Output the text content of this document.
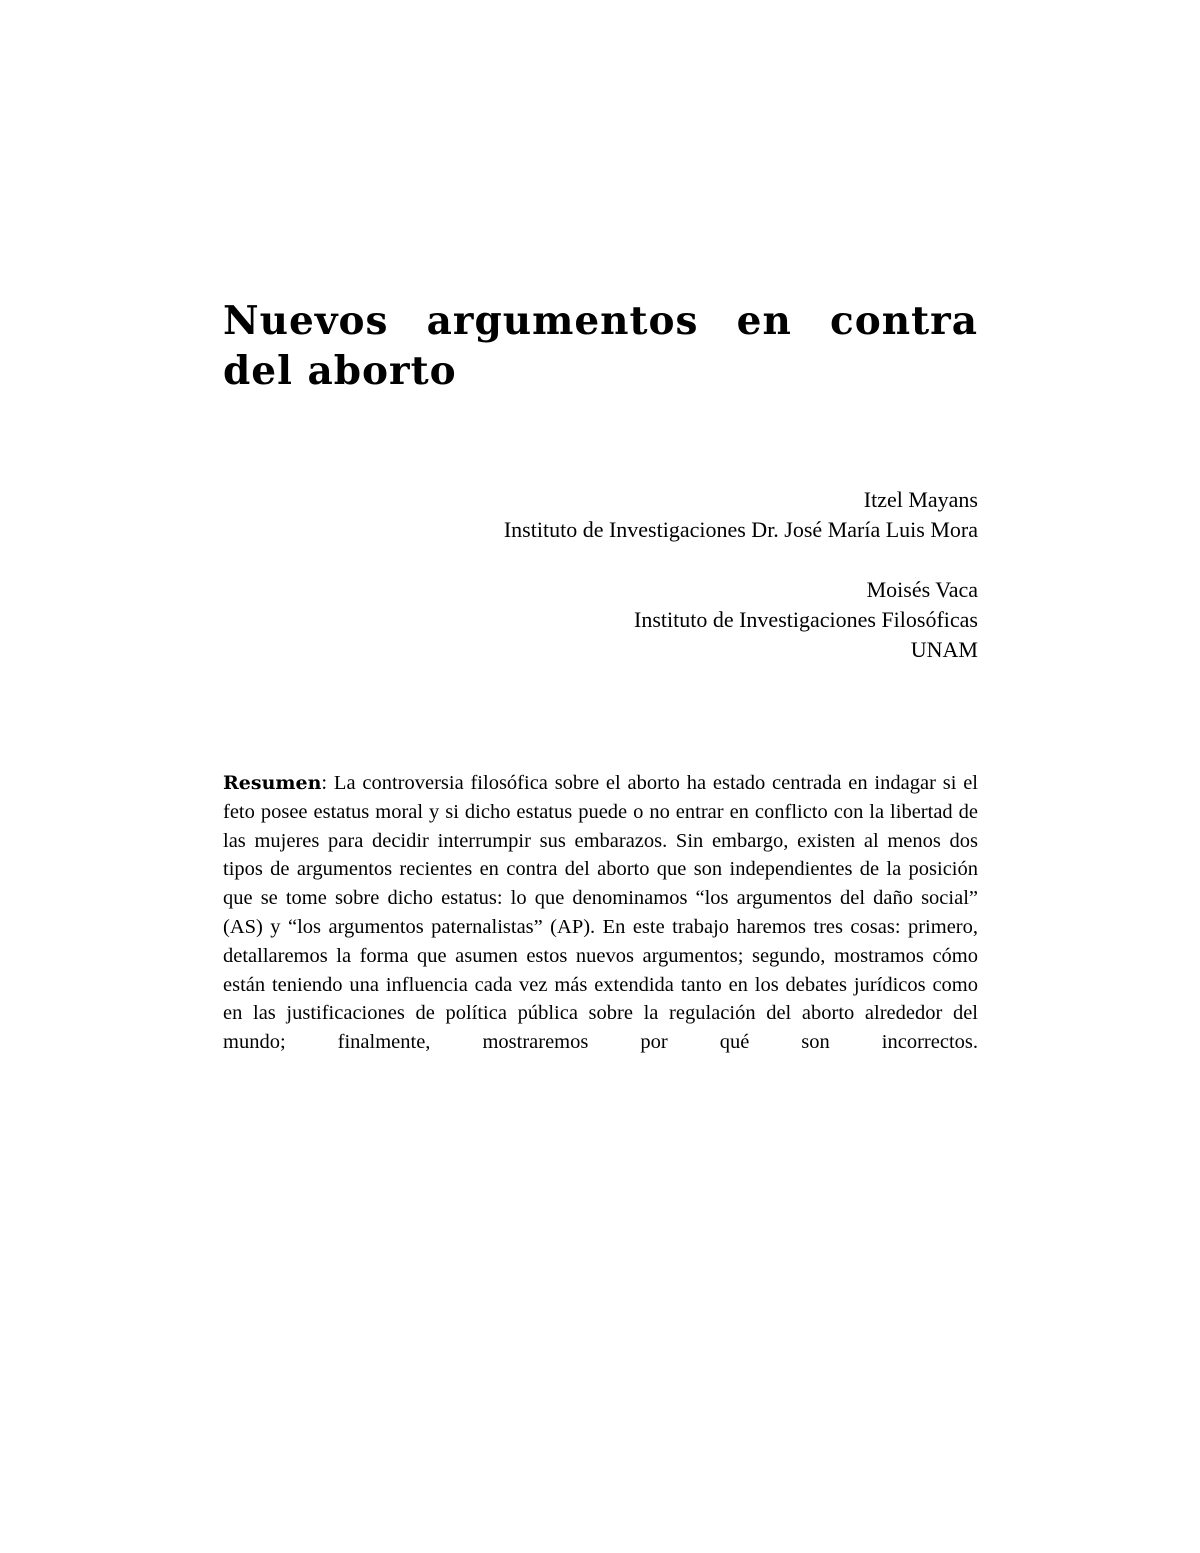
Nuevos argumentos en contra
del aborto
Itzel Mayans
Instituto de Investigaciones Dr. José María Luis Mora
Moisés Vaca
Instituto de Investigaciones Filosóficas
UNAM

Resumen: La controversia filosófica sobre el aborto ha estado centrada en indagar si el feto posee estatus moral y si dicho estatus puede o no entrar en conflicto con la libertad de las mujeres para decidir interrumpir sus embarazos. Sin embargo, existen al menos dos tipos de argumentos recientes en contra del aborto que son independientes de la posición que se tome sobre dicho estatus: lo que denominamos “los argumentos del daño social” (AS) y “los argumentos paternalistas” (AP). En este trabajo haremos tres cosas: primero, detallaremos la forma que asumen estos nuevos argumentos; segundo, mostramos cómo están teniendo una influencia cada vez más extendida tanto en los debates jurídicos como en las justificaciones de política pública sobre la regulación del aborto alrededor del mundo; finalmente, mostraremos por qué son incorrectos.
